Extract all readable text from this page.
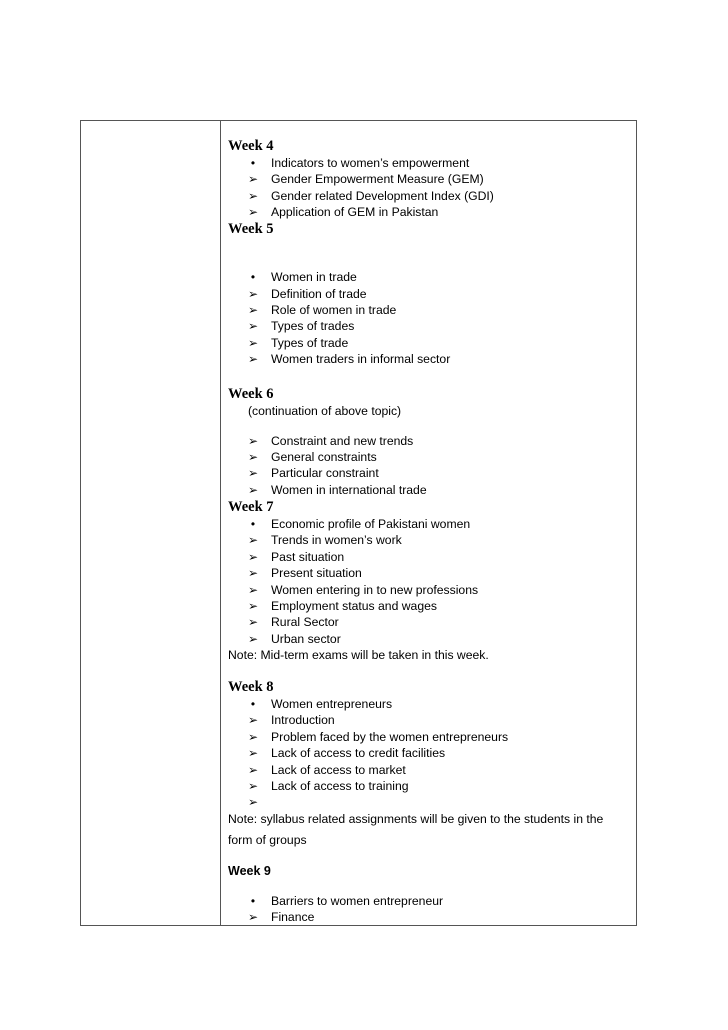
Week 4
•	Indicators to women’s empowerment
➢ Gender Empowerment Measure (GEM)
➢ Gender related Development Index (GDI)
➢ Application of GEM in Pakistan
Week 5
•	Women in trade
➢ Definition of trade
➢ Role of women in trade
➢ Types of trades
➢ Types of trade
➢ Women traders in informal sector
Week 6
(continuation of above topic)
➢ Constraint and new trends
➢ General constraints
➢ Particular constraint
➢ Women in international trade
Week 7
•	Economic profile of Pakistani women
➢ Trends in women’s work
➢ Past situation
➢ Present situation
➢ Women entering in to new professions
➢ Employment status and wages
➢ Rural Sector
➢ Urban sector
Note: Mid-term exams will be taken in this week.
Week 8
•	Women entrepreneurs
➢ Introduction
➢ Problem faced by the women entrepreneurs
➢ Lack of access to credit facilities
➢ Lack of access to market
➢ Lack of access to training
➢
Note: syllabus related assignments will be given to the students in the
form of groups
Week 9
•	Barriers to women entrepreneur
➢ Finance
